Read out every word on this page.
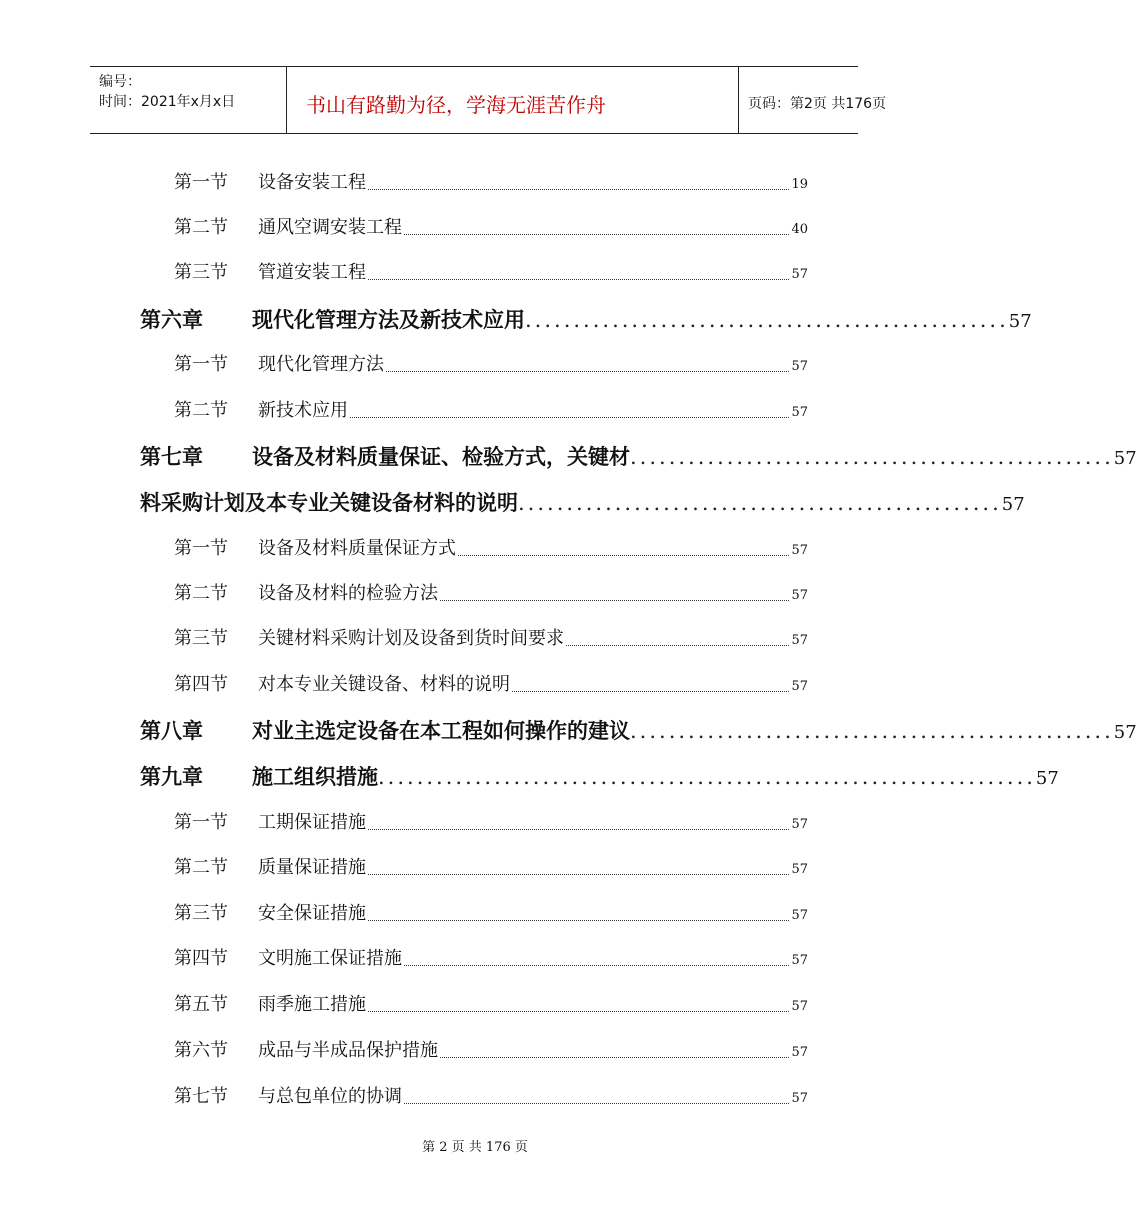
编号：
时间：2021年x月x日	书山有路勤为径，学海无涯苦作舟	页码：第2页 共176页
第一节	设备安装工程	19
第二节	通风空调安装工程	40
第三节	管道安装工程	57
第六章	现代化管理方法及新技术应用 .................................................. 57
第一节	现代化管理方法	57
第二节	新技术应用	57
第七章	设备及材料质量保证、检验方式，关键材 .................................................. 57
料采购计划及本专业关键设备材料的说明 .................................................. 57
第一节	设备及材料质量保证方式	57
第二节	设备及材料的检验方法	57
第三节	关键材料采购计划及设备到货时间要求	57
第四节	对本专业关键设备、材料的说明	57
第八章	对业主选定设备在本工程如何操作的建议 .................................................. 57
第九章	施工组织措施 .................................................................... 57
第一节	工期保证措施	57
第二节	质量保证措施	57
第三节	安全保证措施	57
第四节	文明施工保证措施	57
第五节	雨季施工措施	57
第六节	成品与半成品保护措施	57
第七节	与总包单位的协调	57
第 2 页 共 176 页
